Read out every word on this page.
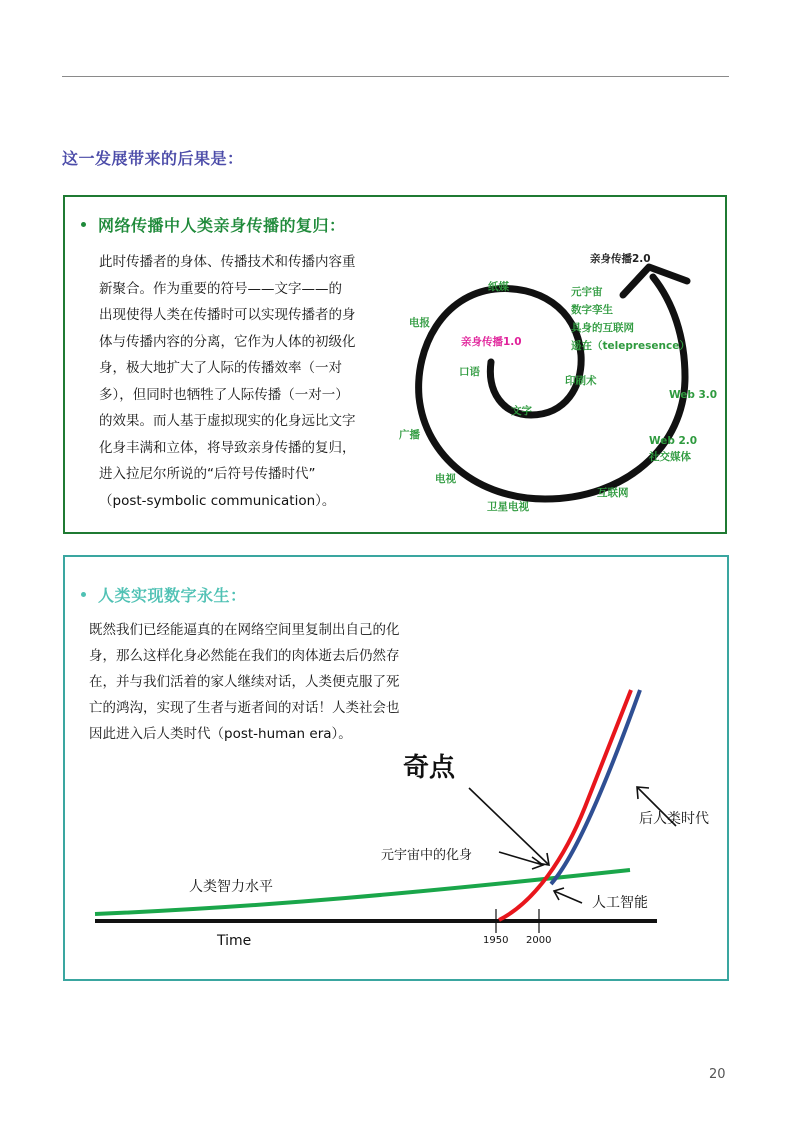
这一发展带来的后果是：
网络传播中人类亲身传播的复归：

此时传播者的身体、传播技术和传播内容重

新聚合。作为重要的符号——文字——的

出现使得人类在传播时可以实现传播者的身

体与传播内容的分离，它作为人体的初级化

身，极大地扩大了人际的传播效率（一对

多），但同时也牺牲了人际传播（一对一）

的效果。而人基于虚拟现实的化身远比文字

化身丰满和立体，将导致亲身传播的复归，

进入拉尼尔所说的“后符号传播时代”

（post-symbolic communication）。

亲身传播2.0
亲身传播1.0
纸媒
电报
口语
文字
印刷术
广播
电视
卫星电视
互联网
Web 2.0
社交媒体
Web 3.0
元宇宙
数字孪生
具身的互联网
遥在（telepresence）
奇点
元宇宙中的化身
后人类时代
人类智力水平
人工智能
Time	1950 2000
人类实现数字永生：

既然我们已经能逼真的在网络空间里复制出自己的化

身，那么这样化身必然能在我们的肉体逝去后仍然存

在，并与我们活着的家人继续对话，人类便克服了死

亡的鸿沟，实现了生者与逝者间的对话！人类社会也

因此进入后人类时代（post-human era）。

20
